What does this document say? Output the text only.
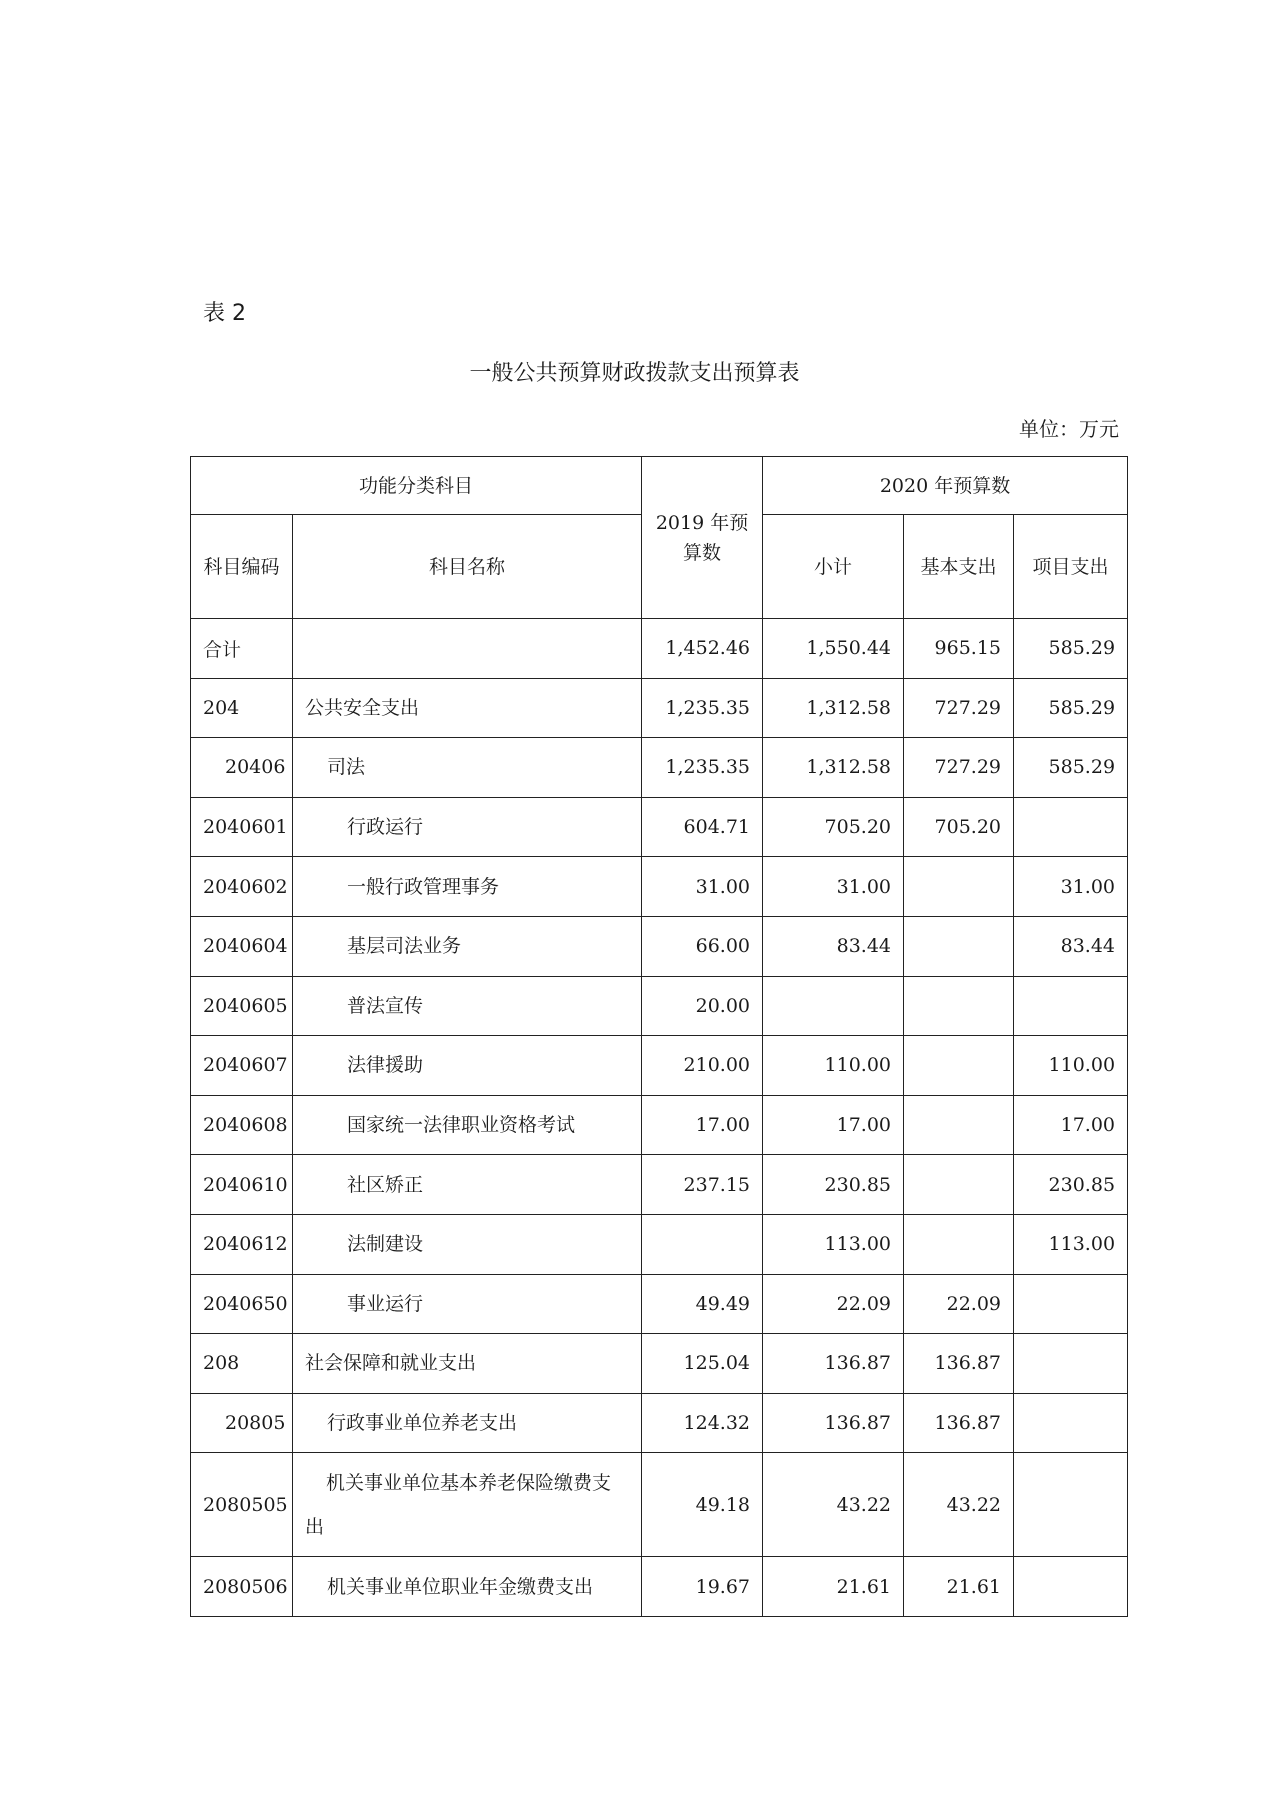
表 2
一般公共预算财政拨款支出预算表
单位：万元
功能分类科目		2019 年预算数	2020 年预算数		
科目编码	科目名称		小计	基本支出	项目支出
合计		1,452.46	1,550.44	965.15	585.29
204	公共安全支出	1,235.35	1,312.58	727.29	585.29
20406	司法	1,235.35	1,312.58	727.29	585.29
2040601	行政运行	604.71	705.20	705.20	
2040602	一般行政管理事务	31.00	31.00		31.00
2040604	基层司法业务	66.00	83.44		83.44
2040605	普法宣传	20.00			
2040607	法律援助	210.00	110.00		110.00
2040608	国家统一法律职业资格考试	17.00	17.00		17.00
2040610	社区矫正	237.15	230.85		230.85
2040612	法制建设		113.00		113.00
2040650	事业运行	49.49	22.09	22.09	
208	社会保障和就业支出	125.04	136.87	136.87	
20805	行政事业单位养老支出	124.32	136.87	136.87	
2080505	机关事业单位基本养老保险缴费支出	49.18	43.22	43.22	
2080506	机关事业单位职业年金缴费支出	19.67	21.61	21.61	
